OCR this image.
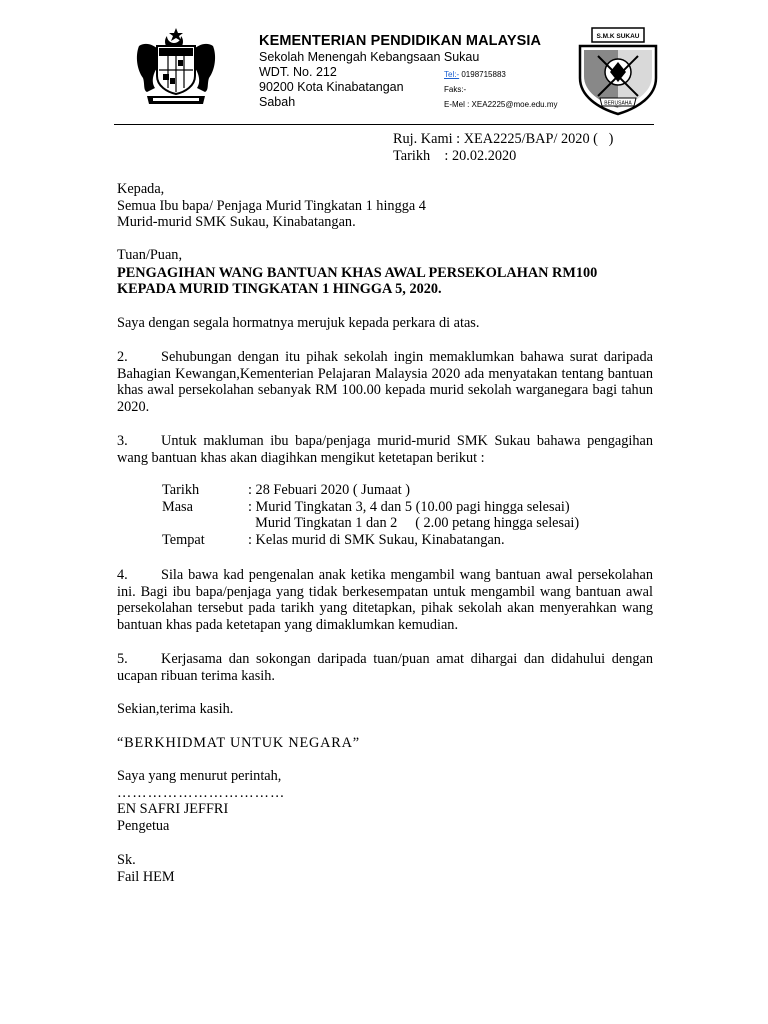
KEMENTERIAN PENDIDIKAN MALAYSIA
Sekolah Menengah Kebangsaan Sukau
WDT. No. 212	Tel:- 0198715883
90200 Kota Kinabatangan	Faks:-
Sabah	E-Mel : XEA2225@moe.edu.my
S.M.K SUKAU
BERUSAHA
Ruj. Kami : XEA2225/BAP/ 2020 (   )
Tarikh    : 20.02.2020
Kepada,
Semua Ibu bapa/ Penjaga Murid Tingkatan 1 hingga 4
Murid-murid SMK Sukau, Kinabatangan.
Tuan/Puan,
PENGAGIHAN WANG BANTUAN KHAS AWAL PERSEKOLAHAN RM100
KEPADA MURID TINGKATAN 1 HINGGA 5, 2020.
Saya dengan segala hormatnya merujuk kepada perkara di atas.
2. Sehubungan dengan itu pihak sekolah ingin memaklumkan bahawa surat daripada Bahagian Kewangan,Kementerian Pelajaran Malaysia 2020 ada menyatakan tentang bantuan khas awal persekolahan sebanyak RM 100.00 kepada murid sekolah warganegara bagi tahun 2020.
3. Untuk makluman ibu bapa/penjaga murid-murid SMK Sukau bahawa pengagihan wang bantuan khas akan diagihkan mengikut ketetapan berikut :
Tarikh	: 28 Febuari 2020 ( Jumaat )
Masa	: Murid Tingkatan 3, 4 dan 5 (10.00 pagi hingga selesai)
Murid Tingkatan 1 dan 2     ( 2.00 petang hingga selesai)
Tempat	: Kelas murid di SMK Sukau, Kinabatangan.
4. Sila bawa kad pengenalan anak ketika mengambil wang bantuan awal persekolahan ini. Bagi ibu bapa/penjaga yang tidak berkesempatan untuk mengambil wang bantuan awal persekolahan tersebut pada tarikh yang ditetapkan, pihak sekolah akan menyerahkan wang bantuan khas pada ketetapan yang dimaklumkan kemudian.
5. Kerjasama dan sokongan daripada tuan/puan amat dihargai dan didahului dengan ucapan ribuan terima kasih.
Sekian,terima kasih.
“BERKHIDMAT UNTUK NEGARA”
Saya yang menurut perintah,
……………………………
EN SAFRI JEFFRI
Pengetua
Sk.
Fail HEM
